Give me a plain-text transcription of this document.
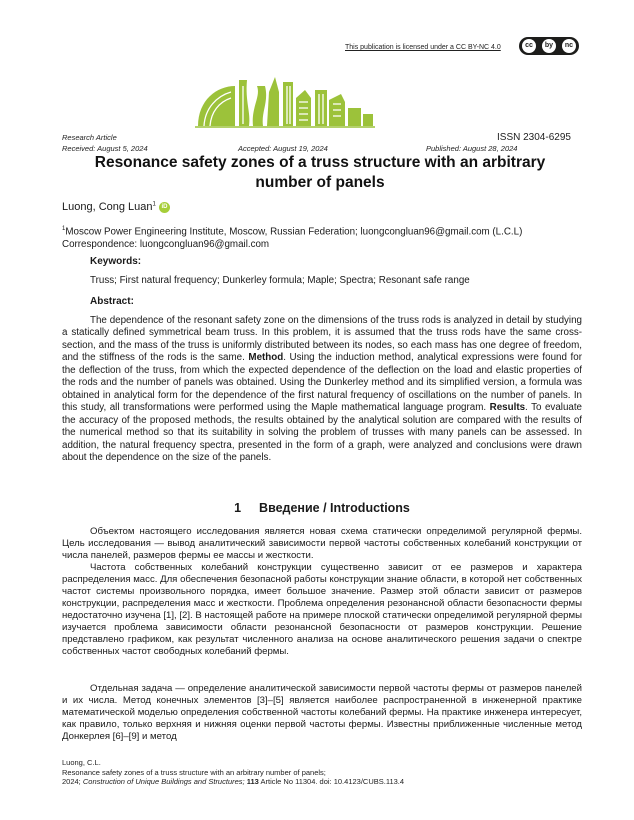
This publication is licensed under a CC BY-NC 4.0	cc	by	nc
Research Article	ISSN 2304-6295
Received: August 5, 2024	Accepted: August 19, 2024	Published: August 28, 2024
Resonance safety zones of a truss structure with an arbitrary
number of panels
Luong, Cong Luan$^1$ iD
$^1$Moscow Power Engineering Institute, Moscow, Russian Federation; luongcongluan96@gmail.com (L.C.L)
Correspondence: luongcongluan96@gmail.com
Keywords:
Truss; First natural frequency; Dunkerley formula; Maple; Spectra; Resonant safe range
Abstract:
The dependence of the resonant safety zone on the dimensions of the truss rods is analyzed in detail by studying a statically defined symmetrical beam truss. In this problem, it is assumed that the truss rods have the same cross-section, and the mass of the truss is uniformly distributed between its nodes, so each mass has one degree of freedom, and the stiffness of the rods is the same. Method. Using the induction method, analytical expressions were found for the deflection of the truss, from which the expected dependence of the deflection on the load and elastic properties of the rods and the number of panels was obtained. Using the Dunkerley method and its simplified version, a formula was obtained in analytical form for the dependence of the first natural frequency of oscillations on the number of panels. In this study, all transformations were performed using the Maple mathematical language program. Results. To evaluate the accuracy of the proposed methods, the results obtained by the analytical solution are compared with the results of the numerical method so that its suitability in solving the problem of trusses with many panels can be assessed. In addition, the natural frequency spectra, presented in the form of a graph, were analyzed and conclusions were drawn about the dependence on the size of the panels.
1 Введение / Introductions
Объектом настоящего исследования является новая схема статически определимой регулярной фермы. Цель исследования — вывод аналитический зависимости первой частоты собственных колебаний конструкции от числа панелей, размеров фермы ее массы и жесткости.
Частота собственных колебаний конструкции существенно зависит от ее размеров и характера распределения масс. Для обеспечения безопасной работы конструкции знание области, в которой нет собственных частот системы произвольного порядка, имеет большое значение. Размер этой области зависит от размеров конструкции, распределения масс и жесткости. Проблема определения резонансной области безопасности фермы недостаточно изучена [1], [2]. В настоящей работе на примере плоской статически определимой регулярной фермы изучается проблема зависимости области резонансной безопасности от размеров конструкции. Решение представлено графиком, как результат численного анализа на основе аналитического решения задачи о спектре собственных частот свободных колебаний фермы.
Отдельная задача — определение аналитической зависимости первой частоты фермы от размеров панелей и их числа. Метод конечных элементов [3]–[5] является наиболее распространенной в инженерной практике математической моделью определения собственной частоты колебаний фермы. На практике инженера интересует, как правило, только верхняя и нижняя оценки первой частоты фермы. Известны приближенные численные метод Донкерлея [6]–[9] и метод
Luong, C.L.
Resonance safety zones of a truss structure with an arbitrary number of panels;
2024; Construction of Unique Buildings and Structures; 113 Article No 11304. doi: 10.4123/CUBS.113.4
